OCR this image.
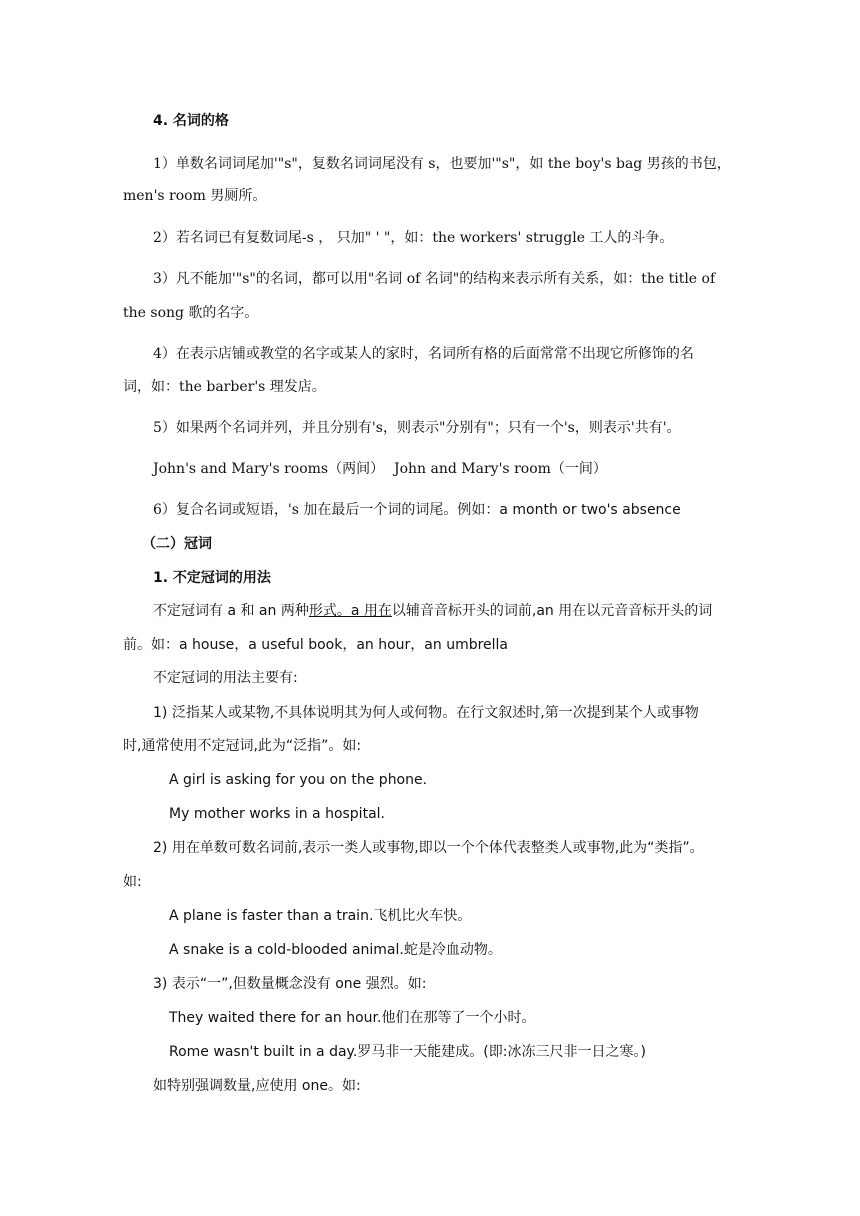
4. 名词的格
1）单数名词词尾加'"s"，复数名词词尾没有 s，也要加'"s"，如 the boy's bag 男孩的书包，
men's room 男厕所。
2）若名词已有复数词尾-s ， 只加" ' "，如：the workers' struggle 工人的斗争。
3）凡不能加'"s"的名词，都可以用"名词 of 名词"的结构来表示所有关系，如：the title of
the song 歌的名字。
4）在表示店铺或教堂的名字或某人的家时，名词所有格的后面常常不出现它所修饰的名
词，如：the barber's 理发店。
5）如果两个名词并列，并且分别有's，则表示"分别有"；只有一个's，则表示'共有'。
John's and Mary's rooms（两间） John and Mary's room（一间）
6）复合名词或短语，'s 加在最后一个词的词尾。例如：a month or two's absence
（二）冠词
1. 不定冠词的用法
不定冠词有 a 和 an 两种形式。a 用在以辅音音标开头的词前,an 用在以元音音标开头的词
前。如：a house，a useful book，an hour，an umbrella
不定冠词的用法主要有:
1) 泛指某人或某物,不具体说明其为何人或何物。在行文叙述时,第一次提到某个人或事物
时,通常使用不定冠词,此为“泛指”。如:
A girl is asking for you on the phone.
My mother works in a hospital.
2) 用在单数可数名词前,表示一类人或事物,即以一个个体代表整类人或事物,此为“类指”。
如:
A plane is faster than a train.飞机比火车快。
A snake is a cold-blooded animal.蛇是冷血动物。
3) 表示“一”,但数量概念没有 one 强烈。如:
They waited there for an hour.他们在那等了一个小时。
Rome wasn't built in a day.罗马非一天能建成。(即:冰冻三尺非一日之寒。)
如特别强调数量,应使用 one。如:
